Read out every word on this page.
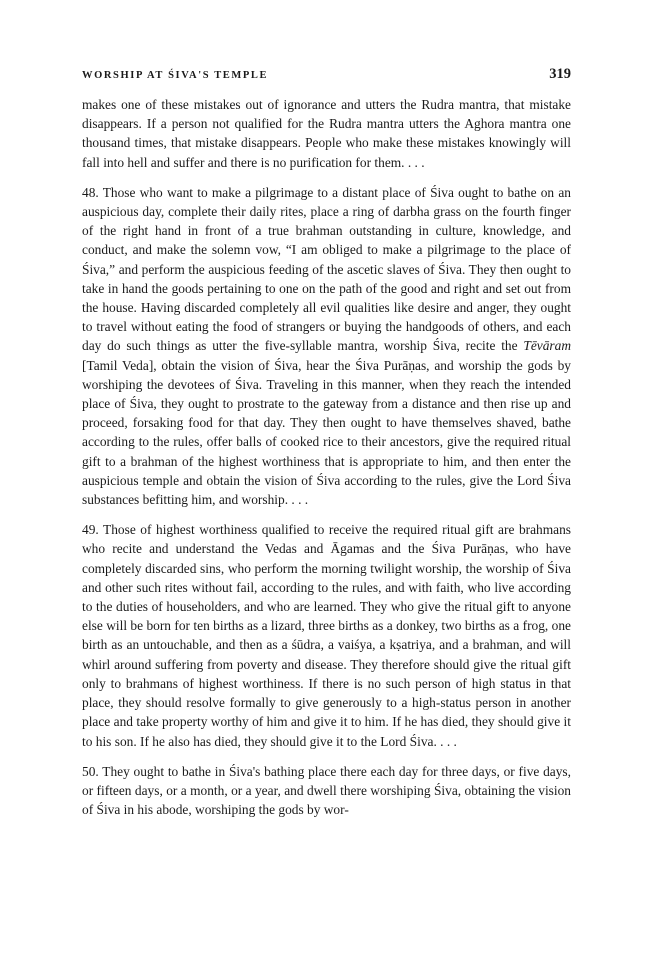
WORSHIP AT ŚIVA'S TEMPLE	319

makes one of these mistakes out of ignorance and utters the Rudra mantra, that mistake disappears. If a person not qualified for the Rudra mantra utters the Aghora mantra one thousand times, that mistake disappears. People who make these mistakes knowingly will fall into hell and suffer and there is no purification for them. . . .

48. Those who want to make a pilgrimage to a distant place of Śiva ought to bathe on an auspicious day, complete their daily rites, place a ring of darbha grass on the fourth finger of the right hand in front of a true brahman outstanding in culture, knowledge, and conduct, and make the solemn vow, “I am obliged to make a pilgrimage to the place of Śiva,” and perform the auspicious feeding of the ascetic slaves of Śiva. They then ought to take in hand the goods pertaining to one on the path of the good and right and set out from the house. Having discarded completely all evil qualities like desire and anger, they ought to travel without eating the food of strangers or buying the handgoods of others, and each day do such things as utter the five-syllable mantra, worship Śiva, recite the Tēvāram [Tamil Veda], obtain the vision of Śiva, hear the Śiva Purāṇas, and worship the gods by worshiping the devotees of Śiva. Traveling in this manner, when they reach the intended place of Śiva, they ought to prostrate to the gateway from a distance and then rise up and proceed, forsaking food for that day. They then ought to have themselves shaved, bathe according to the rules, offer balls of cooked rice to their ancestors, give the required ritual gift to a brahman of the highest worthiness that is appropriate to him, and then enter the auspicious temple and obtain the vision of Śiva according to the rules, give the Lord Śiva substances befitting him, and worship. . . .

49. Those of highest worthiness qualified to receive the required ritual gift are brahmans who recite and understand the Vedas and Āgamas and the Śiva Purāṇas, who have completely discarded sins, who perform the morning twilight worship, the worship of Śiva and other such rites without fail, according to the rules, and with faith, who live according to the duties of householders, and who are learned. They who give the ritual gift to anyone else will be born for ten births as a lizard, three births as a donkey, two births as a frog, one birth as an untouchable, and then as a śūdra, a vaiśya, a kṣatriya, and a brahman, and will whirl around suffering from poverty and disease. They therefore should give the ritual gift only to brahmans of highest worthiness. If there is no such person of high status in that place, they should resolve formally to give generously to a high-status person in another place and take property worthy of him and give it to him. If he has died, they should give it to his son. If he also has died, they should give it to the Lord Śiva. . . .

50. They ought to bathe in Śiva's bathing place there each day for three days, or five days, or fifteen days, or a month, or a year, and dwell there worshiping Śiva, obtaining the vision of Śiva in his abode, worshiping the gods by wor-
